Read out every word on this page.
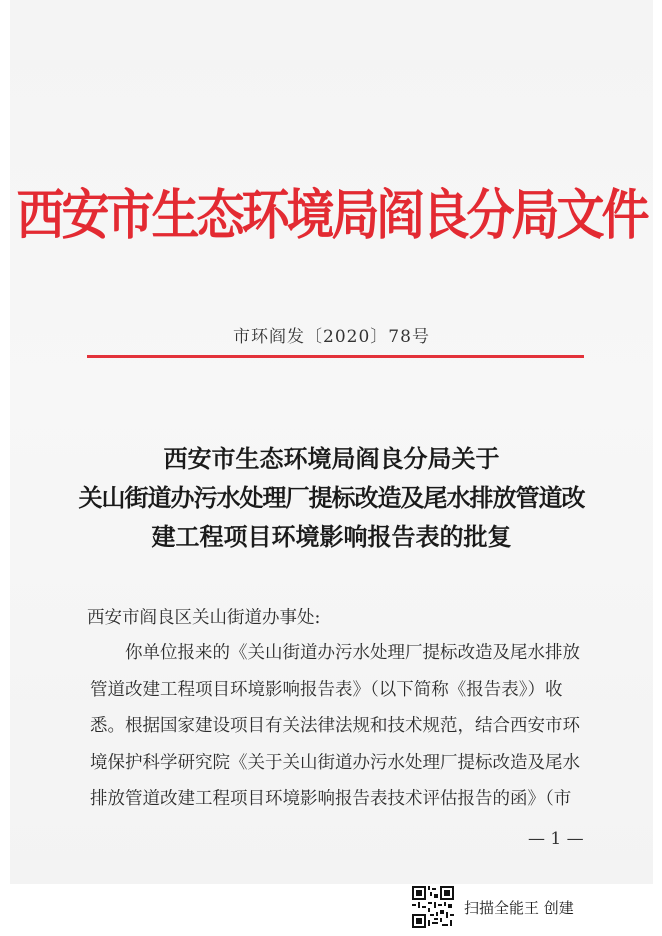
西安市生态环境局阎良分局文件
市环阎发〔2020〕78号
西安市生态环境局阎良分局关于
关山街道办污水处理厂提标改造及尾水排放管道改
建工程项目环境影响报告表的批复
西安市阎良区关山街道办事处:
你单位报来的《关山街道办污水处理厂提标改造及尾水排放
管道改建工程项目环境影响报告表》（以下简称《报告表》）收
悉。根据国家建设项目有关法律法规和技术规范，结合西安市环
境保护科学研究院《关于关山街道办污水处理厂提标改造及尾水
排放管道改建工程项目环境影响报告表技术评估报告的函》（市
— 1 —
扫描全能王 创建
